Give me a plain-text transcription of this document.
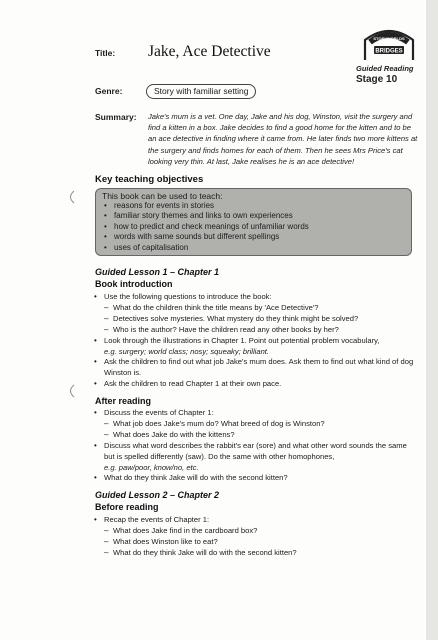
STORYWORLDS
BRIDGES
Guided Reading
Stage 10
Title: Jake, Ace Detective
Genre:	Story with familiar setting
Summary: Jake's mum is a vet. One day, Jake and his dog, Winston, visit the surgery and find a kitten in a box. Jake decides to find a good home for the kitten and to be an ace detective in finding where it came from. He later finds two more kittens at the surgery and finds homes for each of them. Then he sees Mrs Price's cat looking very thin. At last, Jake realises he is an ace detective!
Key teaching objectives
This book can be used to teach:
• reasons for events in stories
• familiar story themes and links to own experiences
• how to predict and check meanings of unfamiliar words
• words with same sounds but different spellings
• uses of capitalisation
Guided Lesson 1 – Chapter 1
Book introduction
• Use the following questions to introduce the book:
– What do the children think the title means by 'Ace Detective'?
– Detectives solve mysteries. What mystery do they think might be solved?
– Who is the author? Have the children read any other books by her?
• Look through the illustrations in Chapter 1. Point out potential problem vocabulary,
e.g. surgery; world class; nosy; squeaky; brilliant.
• Ask the children to find out what job Jake's mum does. Ask them to find out what kind of dog Winston is.
• Ask the children to read Chapter 1 at their own pace.
After reading
• Discuss the events of Chapter 1:
– What job does Jake's mum do? What breed of dog is Winston?
– What does Jake do with the kittens?
• Discuss what word describes the rabbit's ear (sore) and what other word sounds the same but is spelled differently (saw). Do the same with other homophones,
e.g. paw/poor, know/no, etc.
• What do they think Jake will do with the second kitten?
Guided Lesson 2 – Chapter 2
Before reading
• Recap the events of Chapter 1:
– What does Jake find in the cardboard box?
– What does Winston like to eat?
– What do they think Jake will do with the second kitten?
